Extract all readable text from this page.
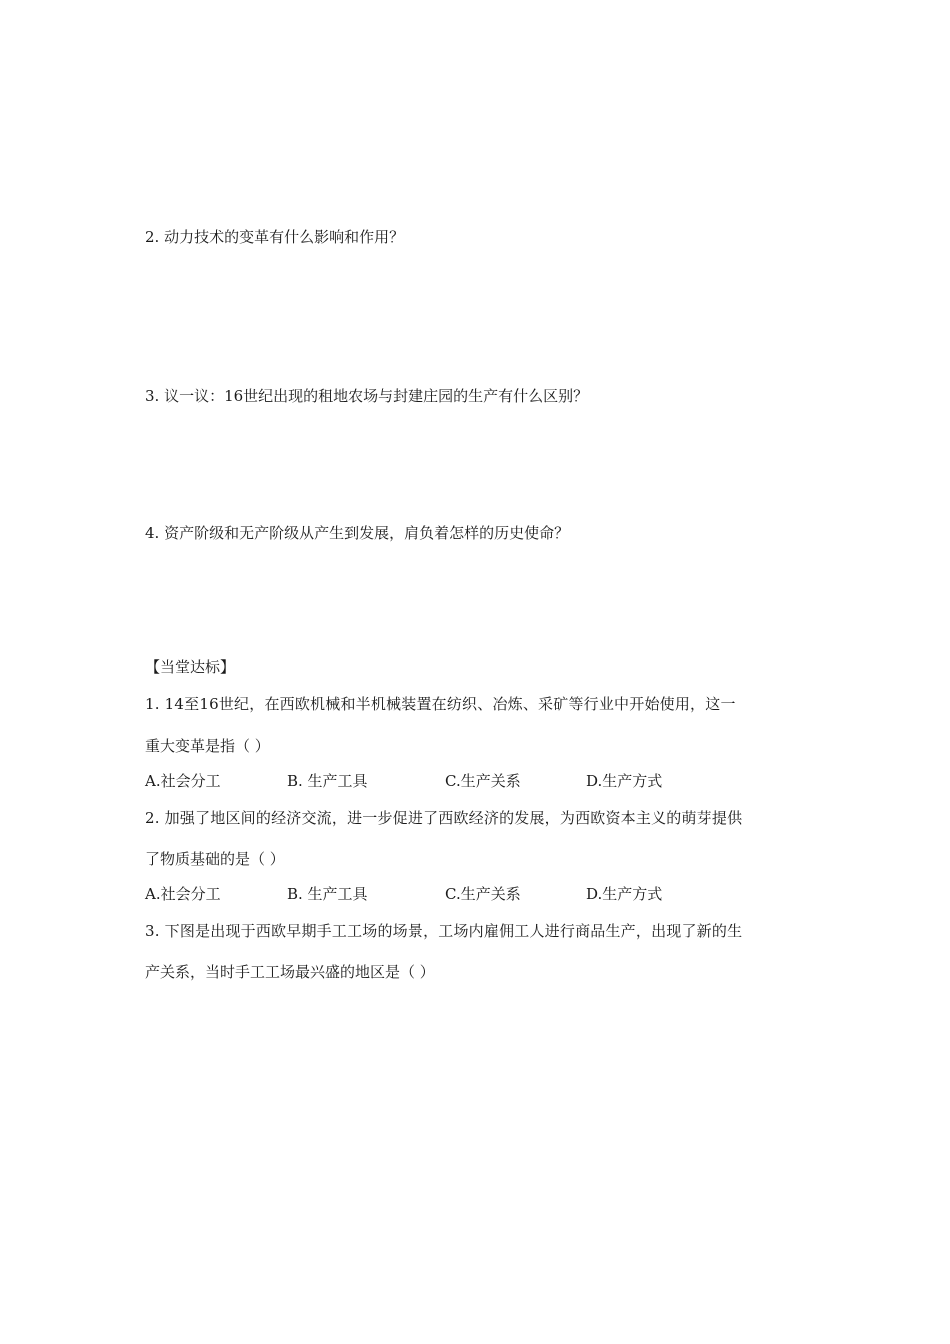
2. 动力技术的变革有什么影响和作用？
3. 议一议：16世纪出现的租地农场与封建庄园的生产有什么区别？
4. 资产阶级和无产阶级从产生到发展，肩负着怎样的历史使命？
【当堂达标】
1. 14至16世纪，在西欧机械和半机械装置在纺织、冶炼、采矿等行业中开始使用，这一
重大变革是指（ ）
A.社会分工	B. 生产工具	C.生产关系	D.生产方式
2. 加强了地区间的经济交流，进一步促进了西欧经济的发展，为西欧资本主义的萌芽提供
了物质基础的是（ ）
A.社会分工	B. 生产工具	C.生产关系	D.生产方式
3. 下图是出现于西欧早期手工工场的场景，工场内雇佣工人进行商品生产，出现了新的生
产关系，当时手工工场最兴盛的地区是（ ）
